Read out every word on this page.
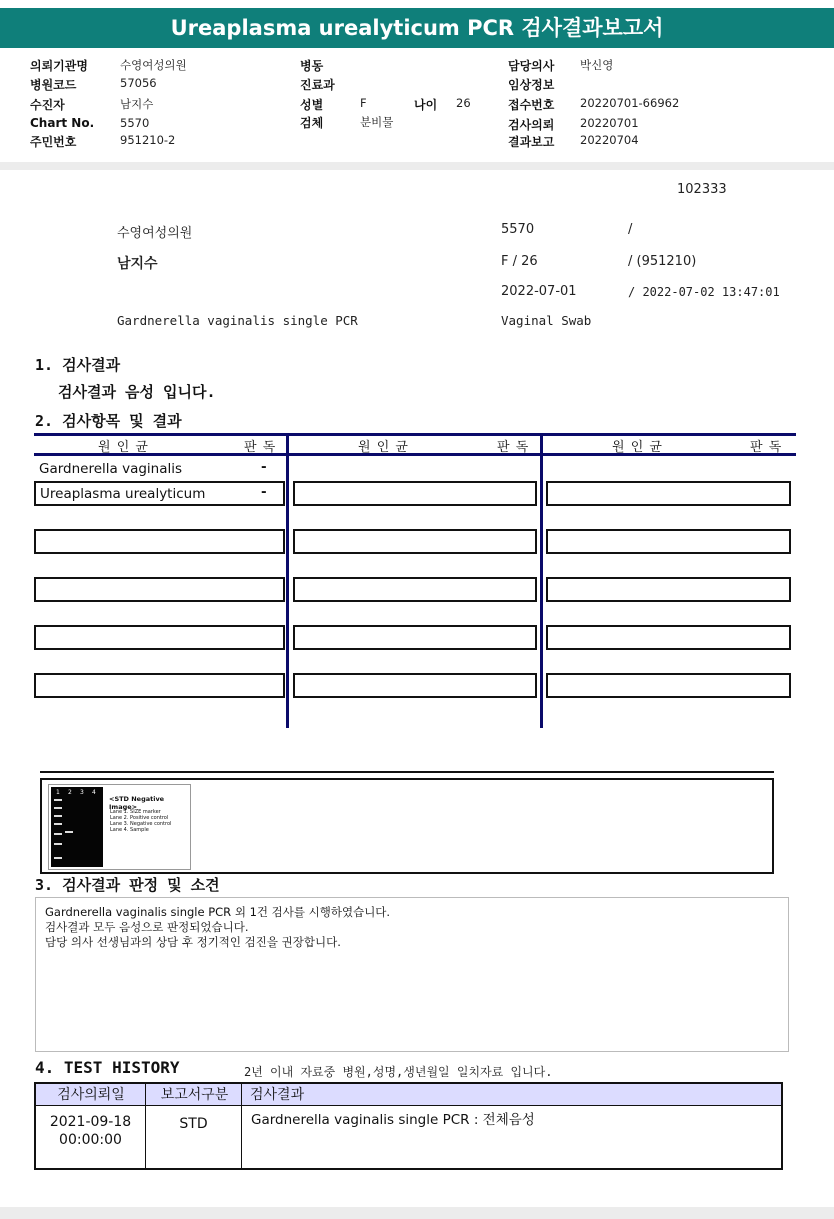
Ureaplasma urealyticum PCR 검사결과보고서
의뢰기관명	수영여성의원
병원코드	57056
수진자	남지수
Chart No. 5570
주민번호	951210-2
병동
진료과
성별	F	나이 26
검체	분비물
담당의사 박신영
임상정보
접수번호 20220701-66962
검사의뢰 20220701
결과보고 20220704
102333
수영여성의원	5570	/
남지수	F / 26	/ (951210)
2022-07-01	/ 2022-07-02 13:47:01
Gardnerella vaginalis single PCR	Vaginal Swab
1. 검사결과
검사결과 음성 입니다.
2. 검사항목 및 결과
원 인 균	판 독	원 인 균	판 독	원 인 균	판 독
Gardnerella vaginalis	-
Ureaplasma urealyticum	-
1 2 3 4
<STD Negative Image>
Lane 1. SIZE marker
Lane 2. Positive control
Lane 3. Negative control
Lane 4. Sample
3. 검사결과 판정 및 소견
Gardnerella vaginalis single PCR 외 1건 검사를 시행하였습니다.
검사결과 모두 음성으로 판정되었습니다.
담당 의사 선생님과의 상담 후 정기적인 검진을 권장합니다.
4. TEST HISTORY	2년 이내 자료중 병원,성명,생년월일 일치자료 입니다.
검사의뢰일	보고서구분	검사결과
2021-09-18
00:00:00
STD	Gardnerella vaginalis single PCR : 전체음성
